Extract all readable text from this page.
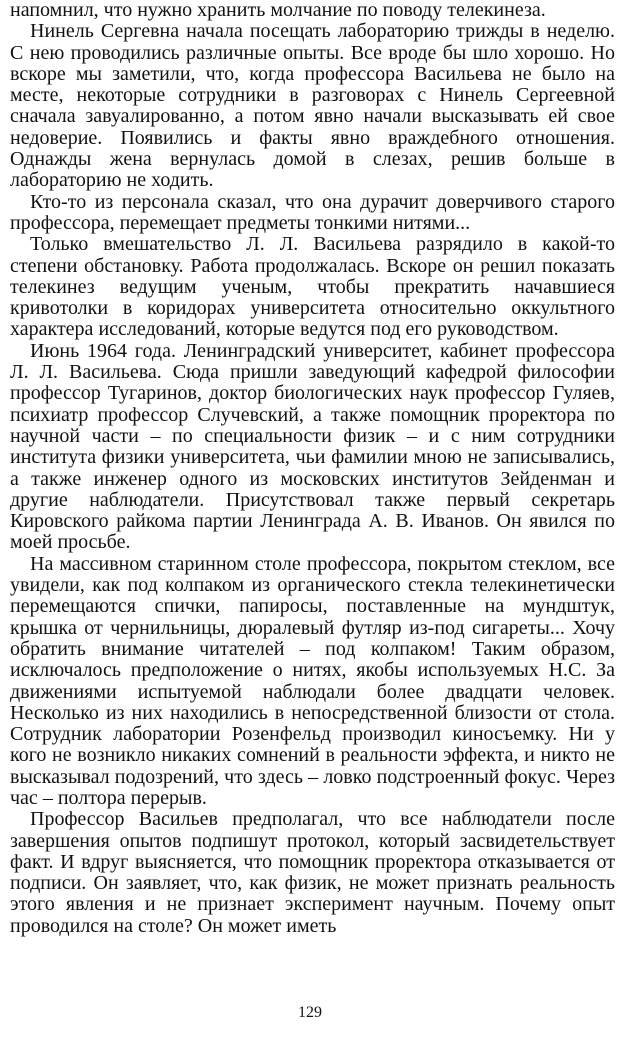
напомнил, что нужно хранить молчание по поводу телекинеза.

Нинель Сергевна начала посещать лабораторию трижды в неделю. С нею проводились различные опыты. Все вроде бы шло хорошо. Но вскоре мы заметили, что, когда профессора Васильева не было на месте, некоторые сотрудники в разговорах с Нинель Сергеевной сначала завуалированно, а потом явно начали высказывать ей свое недоверие. Появились и факты явно враждебного отношения. Однажды жена вернулась домой в слезах, решив больше в лабораторию не ходить.

Кто-то из персонала сказал, что она дурачит доверчивого старого профессора, перемещает предметы тонкими нитями...

Только вмешательство Л. Л. Васильева разрядило в какой-то степени обстановку. Работа продолжалась. Вскоре он решил показать телекинез ведущим ученым, чтобы прекратить начавшиеся кривотолки в коридорах университета относительно оккультного характера исследований, которые ведутся под его руководством.

Июнь 1964 года. Ленинградский университет, кабинет профессора Л. Л. Васильева. Сюда пришли заведующий кафедрой философии профессор Тугаринов, доктор биологических наук профессор Гуляев, психиатр профессор Случевский, а также помощник проректора по научной части – по специальности физик – и с ним сотрудники института физики университета, чьи фамилии мною не записывались, а также инженер одного из московских институтов Зейденман и другие наблюдатели. Присутствовал также первый секретарь Кировского райкома партии Ленинграда А. В. Иванов. Он явился по моей просьбе.

На массивном старинном столе профессора, покрытом стеклом, все увидели, как под колпаком из органического стекла телекинетически перемещаются спички, папиросы, поставленные на мундштук, крышка от чернильницы, дюралевый футляр из-под сигареты... Хочу обратить внимание читателей – под колпаком! Таким образом, исключалось предположение о нитях, якобы используемых Н.С. За движениями испытуемой наблюдали более двадцати человек. Несколько из них находились в непосредственной близости от стола. Сотрудник лаборатории Розенфельд производил киносъемку. Ни у кого не возникло никаких сомнений в реальности эффекта, и никто не высказывал подозрений, что здесь – ловко подстроенный фокус. Через час – полтора перерыв.

Профессор Васильев предполагал, что все наблюдатели после завершения опытов подпишут протокол, который засвидетельствует факт. И вдруг выясняется, что помощник проректора отказывается от подписи. Он заявляет, что, как физик, не может признать реальность этого явления и не признает эксперимент научным. Почему опыт проводился на столе? Он может иметь

129
